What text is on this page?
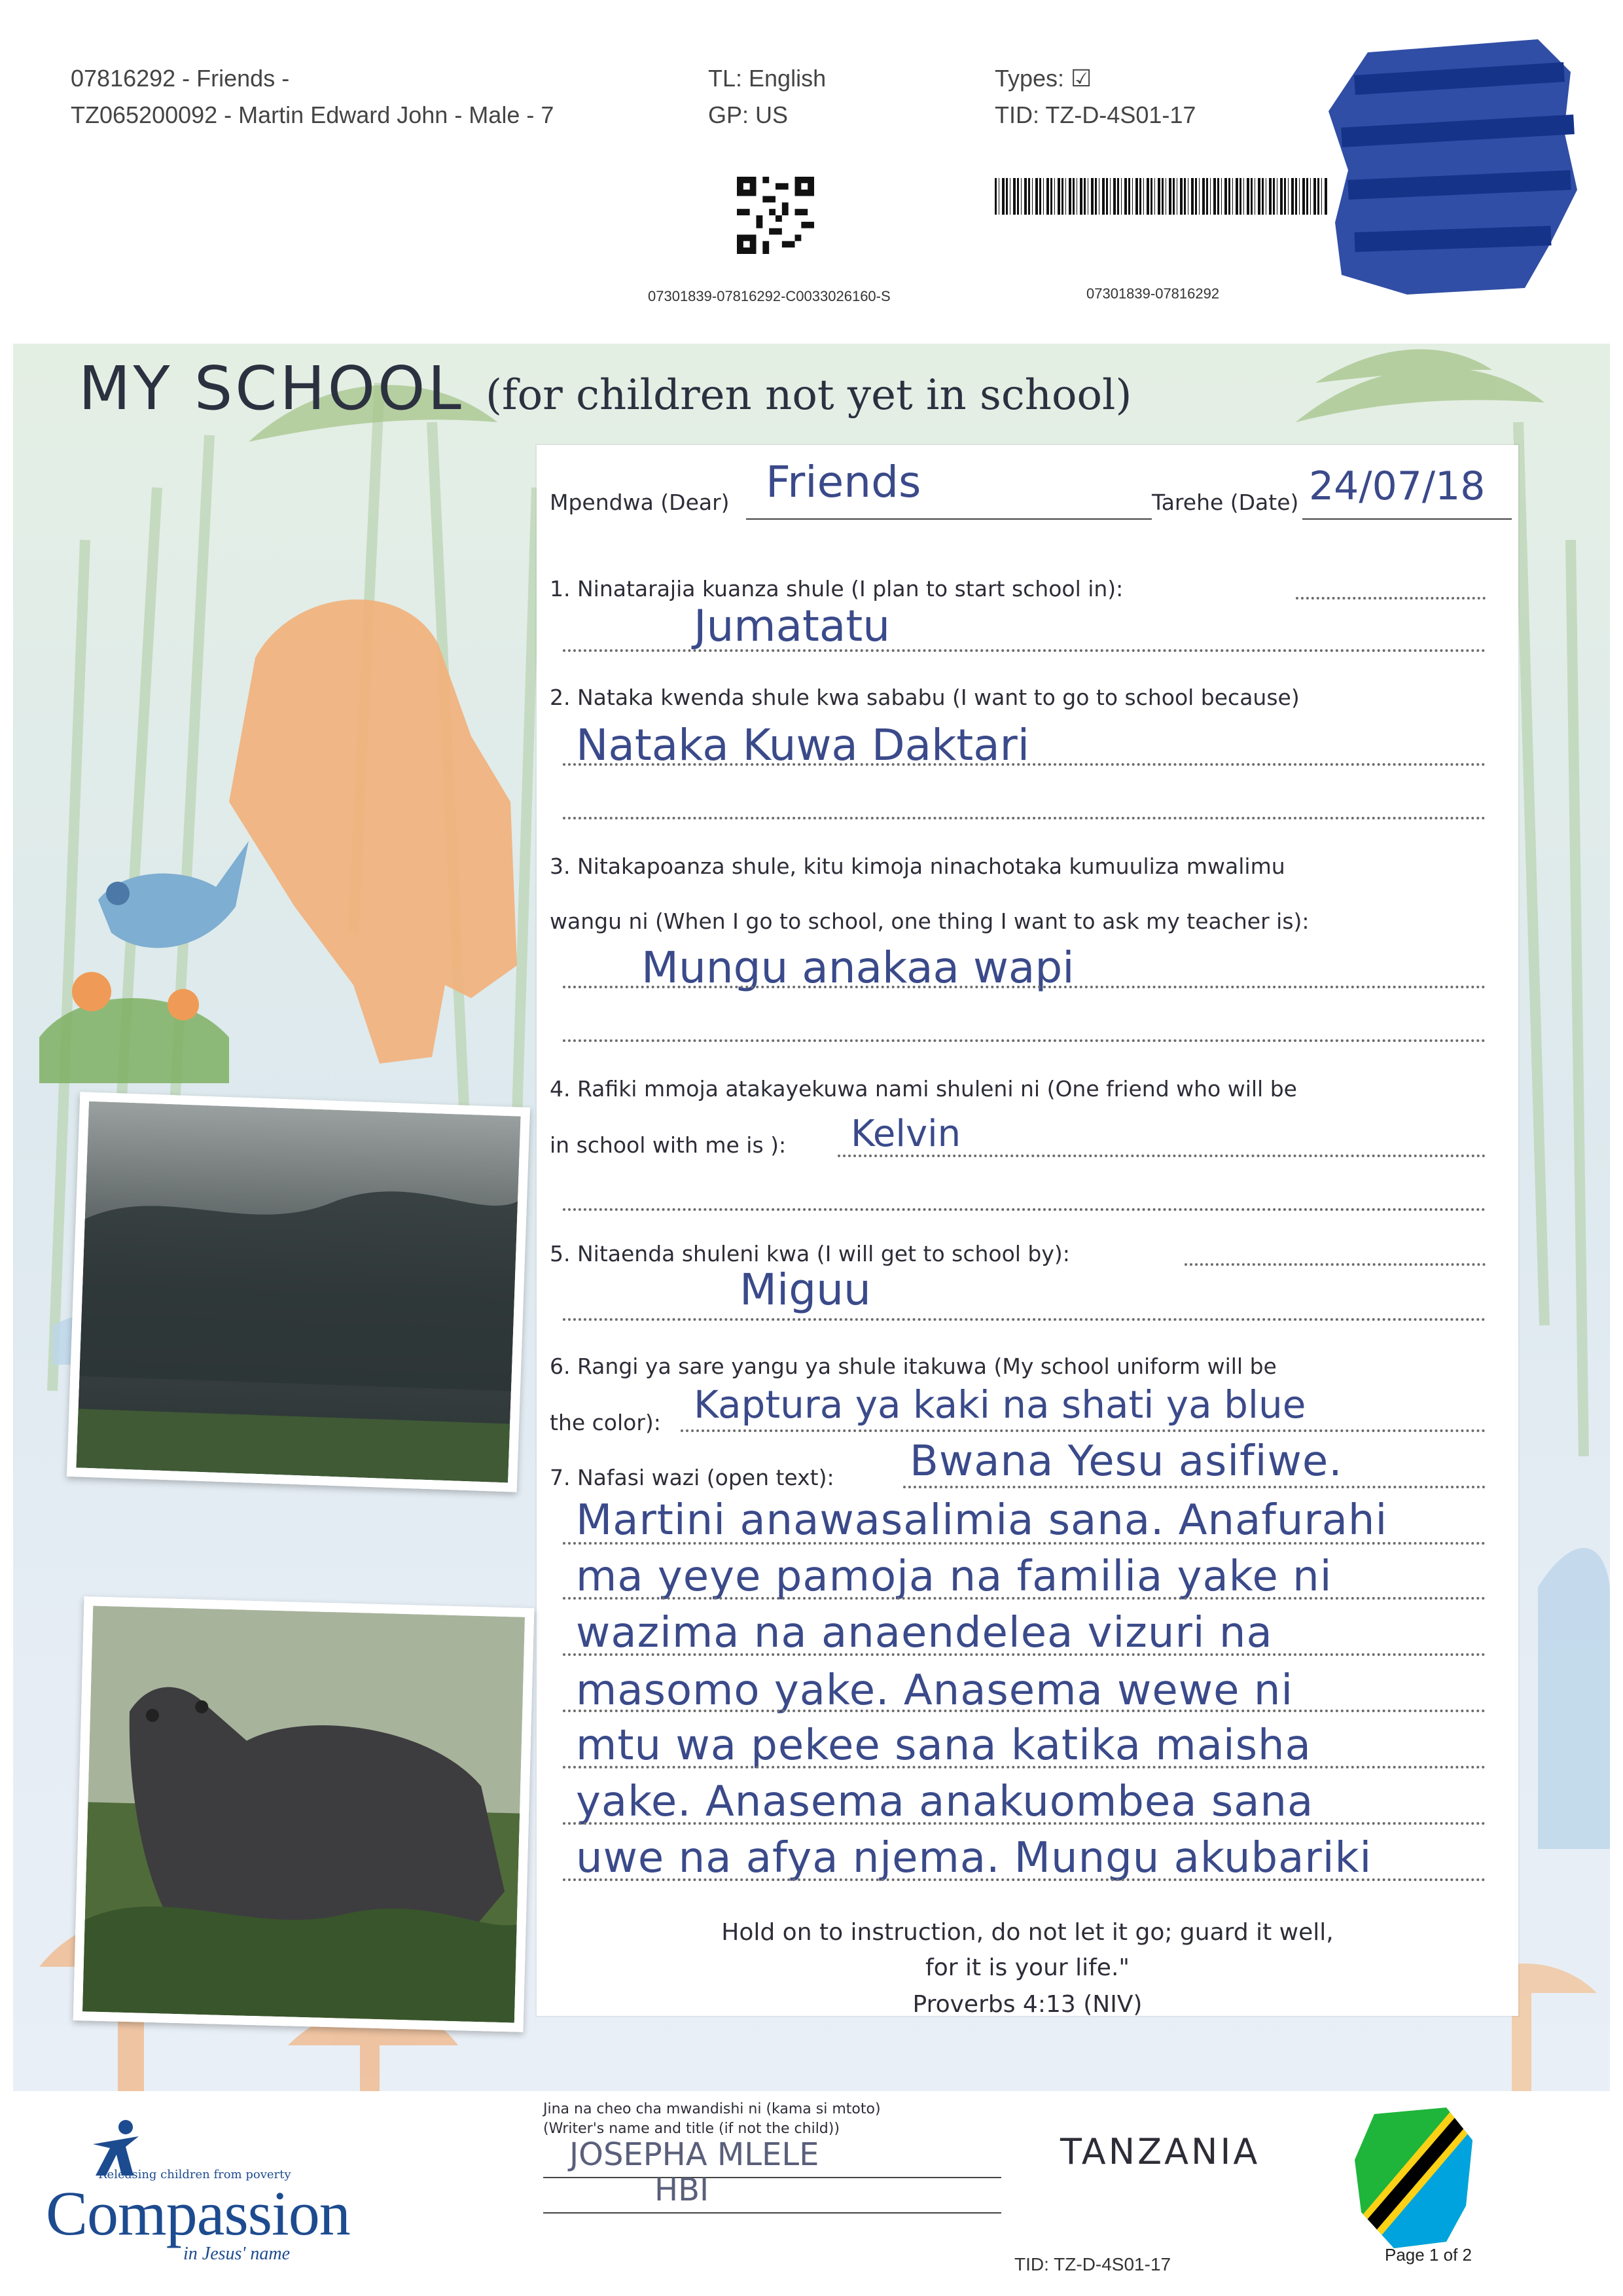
07816292 - Friends -
TZ065200092 - Martin Edward John - Male - 7
TL: English
GP: US
Types: ☑
TID: TZ-D-4S01-17
07301839-07816292-C0033026160-S	07301839-07816292
MY SCHOOL (for children not yet in school)
Mpendwa (Dear) Friends	Tarehe (Date) 24/07/18
1. Ninatarajia kuanza shule (I plan to start school in):
Jumatatu
2. Nataka kwenda shule kwa sababu (I want to go to school because)
Nataka Kuwa Daktari
3. Nitakapoanza shule, kitu kimoja ninachotaka kumuuliza mwalimu
wangu ni (When I go to school, one thing I want to ask my teacher is):
Mungu anakaa wapi
4. Rafiki mmoja atakayekuwa nami shuleni ni (One friend who will be
in school with me is ): Kelvin
5. Nitaenda shuleni kwa (I will get to school by):
Miguu
6. Rangi ya sare yangu ya shule itakuwa (My school uniform will be
the color): Kaptura ya kaki na shati ya blue
7. Nafasi wazi (open text): Bwana Yesu asifiwe.
Martini anawasalimia sana. Anafurahi
ma yeye pamoja na familia yake ni
wazima na anaendelea vizuri na
masomo yake. Anasema wewe ni
mtu wa pekee sana katika maisha
yake. Anasema anakuombea sana
uwe na afya njema. Mungu akubariki
Hold on to instruction, do not let it go; guard it well,
for it is your life."
Proverbs 4:13 (NIV)
Releasing children from poverty
Compassion
in Jesus' name
Jina na cheo cha mwandishi ni (kama si mtoto)
(Writer's name and title (if not the child))
JOSEPHA MLELE
HBI
TANZANIA
Page 1 of 2
TID: TZ-D-4S01-17
